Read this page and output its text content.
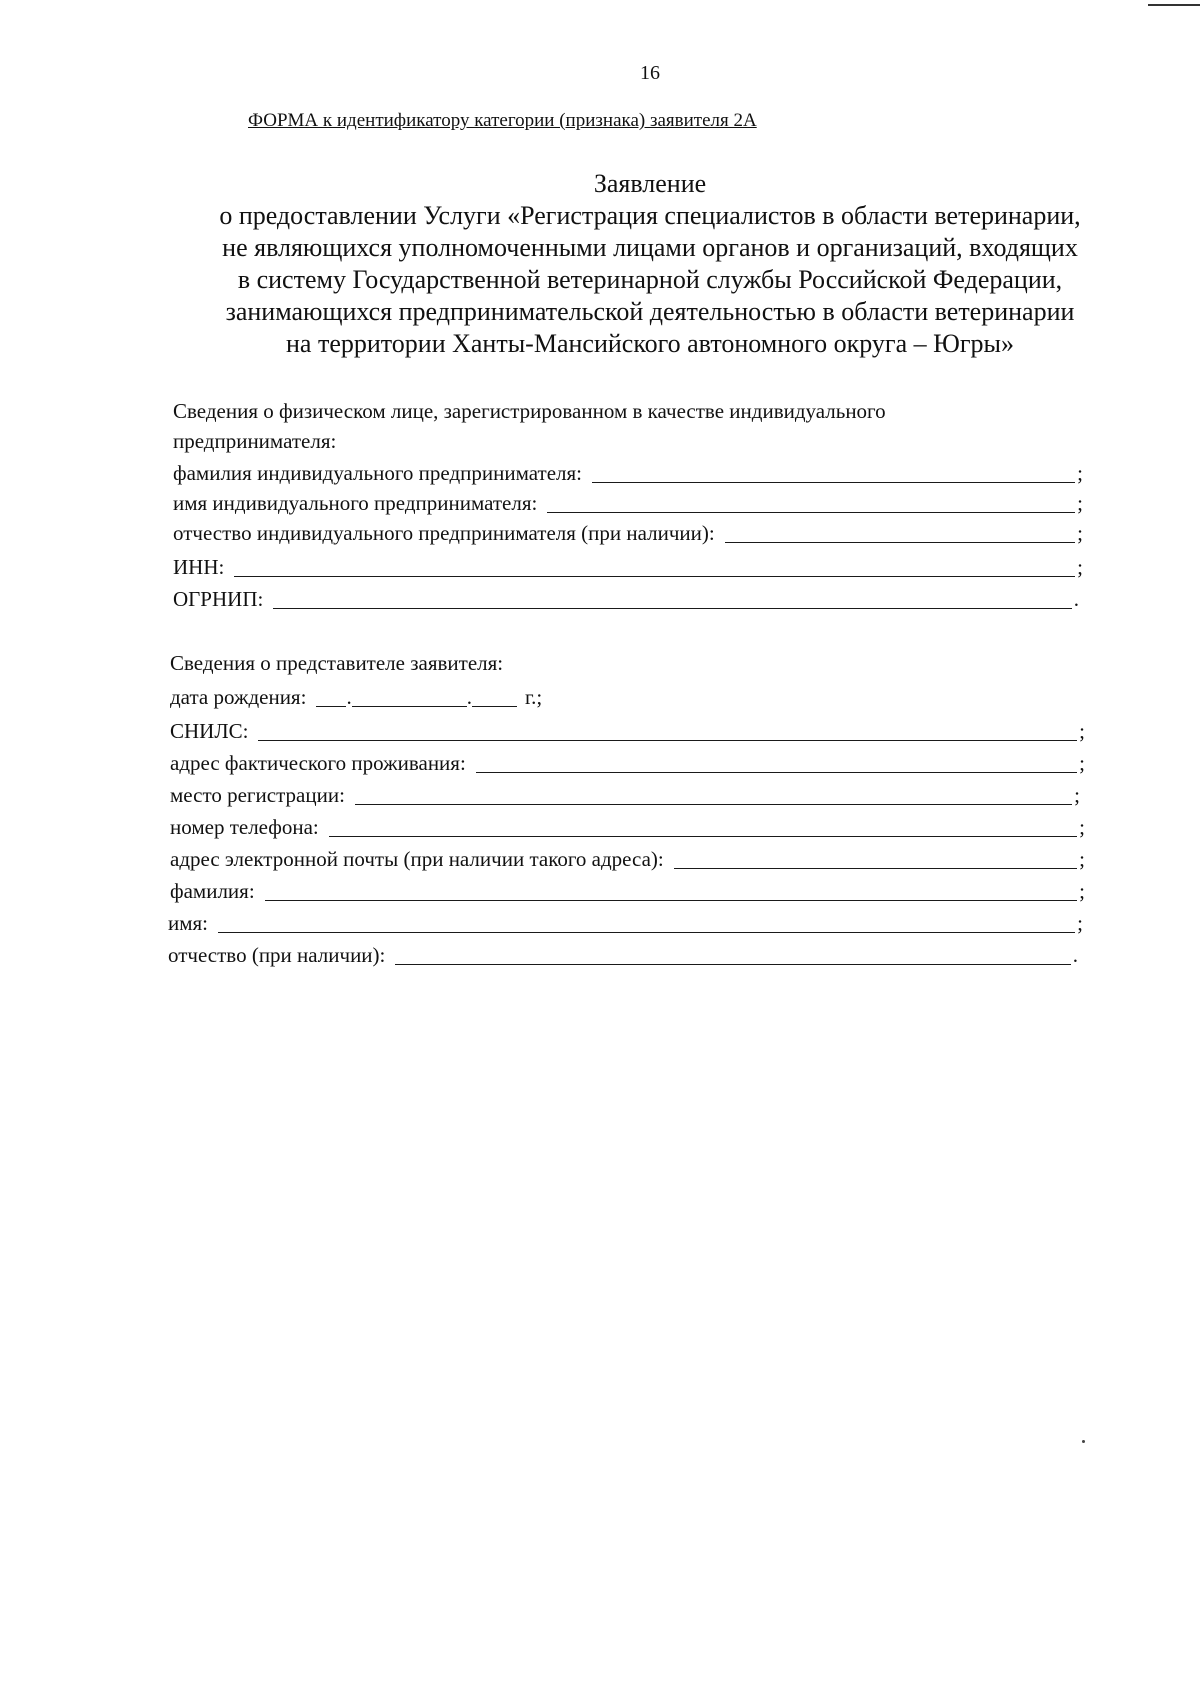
16
ФОРМА к идентификатору категории (признака) заявителя 2А
Заявление
о предоставлении Услуги «Регистрация специалистов в области ветеринарии,
не являющихся уполномоченными лицами органов и организаций, входящих
в систему Государственной ветеринарной службы Российской Федерации,
занимающихся предпринимательской деятельностью в области ветеринарии
на территории Ханты-Мансийского автономного округа – Югры»
Сведения о физическом лице, зарегистрированном в качестве индивидуального
предпринимателя:
фамилия индивидуального предпринимателя:	;
имя индивидуального предпринимателя:	;
отчество индивидуального предпринимателя (при наличии):	;
ИНН:	;
ОГРНИП:	.
Сведения о представителе заявителя:
дата рождения: .	.	г.;
СНИЛС:	;
адрес фактического проживания:	;
место регистрации:	;
номер телефона:	;
адрес электронной почты (при наличии такого адреса):	;
фамилия:	;
имя:	;
отчество (при наличии):	.
